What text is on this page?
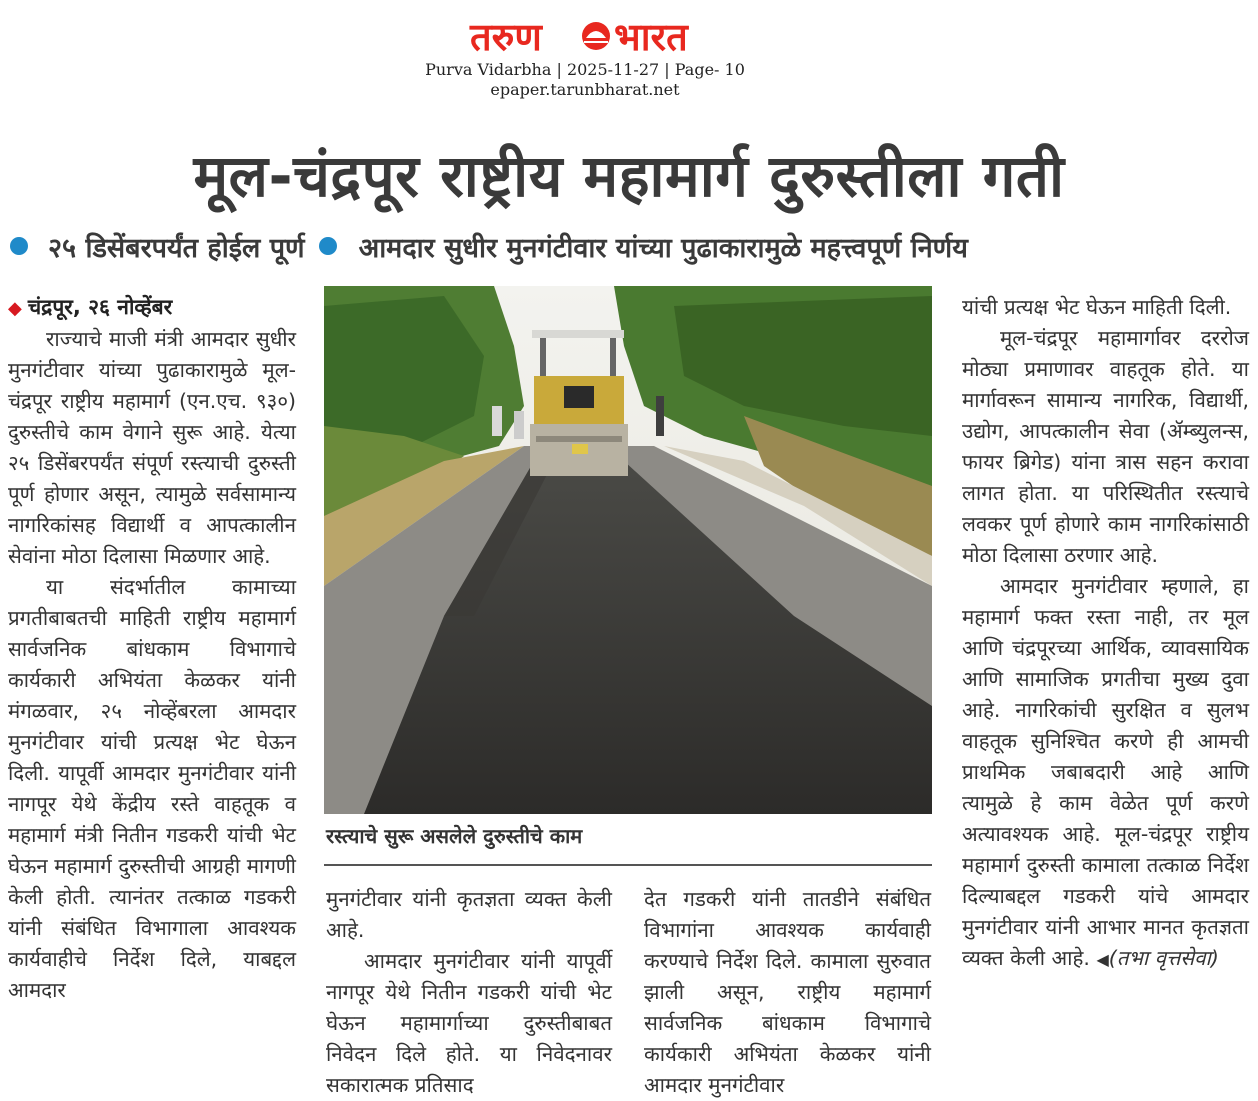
तरुण भारत
Purva Vidarbha | 2025-11-27 | Page- 10
epaper.tarunbharat.net
मूल-चंद्रपूर राष्ट्रीय महामार्ग दुरुस्तीला गती
२५ डिसेंबरपर्यंत होईल पूर्ण आमदार सुधीर मुनगंटीवार यांच्या पुढाकारामुळे महत्त्वपूर्ण निर्णय
◆ चंद्रपूर, २६ नोव्हेंबर

राज्याचे माजी मंत्री आमदार सुधीर मुनगंटीवार यांच्या पुढाकारामुळे मूल-चंद्रपूर राष्ट्रीय महामार्ग (एन.एच. ९३०) दुरुस्तीचे काम वेगाने सुरू आहे. येत्या २५ डिसेंबरपर्यंत संपूर्ण रस्त्याची दुरुस्ती पूर्ण होणार असून, त्यामुळे सर्वसामान्य नागरिकांसह विद्यार्थी व आपत्कालीन सेवांना मोठा दिलासा मिळणार आहे.

या संदर्भातील कामाच्या प्रगतीबाबतची माहिती राष्ट्रीय महामार्ग सार्वजनिक बांधकाम विभागाचे कार्यकारी अभियंता केळकर यांनी मंगळवार, २५ नोव्हेंबरला आमदार मुनगंटीवार यांची प्रत्यक्ष भेट घेऊन दिली. यापूर्वी आमदार मुनगंटीवार यांनी नागपूर येथे केंद्रीय रस्ते वाहतूक व महामार्ग मंत्री नितीन गडकरी यांची भेट घेऊन महामार्ग दुरुस्तीची आग्रही मागणी केली होती. त्यानंतर तत्काळ गडकरी यांनी संबंधित विभागाला आवश्यक कार्यवाहीचे निर्देश दिले, याबद्दल आमदार

रस्त्याचे सुरू असलेले दुरुस्तीचे काम

मुनगंटीवार यांनी कृतज्ञता व्यक्त केली आहे.

आमदार मुनगंटीवार यांनी यापूर्वी नागपूर येथे नितीन गडकरी यांची भेट घेऊन महामार्गाच्या दुरुस्तीबाबत निवेदन दिले होते. या निवेदनावर सकारात्मक प्रतिसाद

देत गडकरी यांनी तातडीने संबंधित विभागांना आवश्यक कार्यवाही करण्याचे निर्देश दिले. कामाला सुरुवात झाली असून, राष्ट्रीय महामार्ग सार्वजनिक बांधकाम विभागाचे कार्यकारी अभियंता केळकर यांनी आमदार मुनगंटीवार

यांची प्रत्यक्ष भेट घेऊन माहिती दिली.

मूल-चंद्रपूर महामार्गावर दररोज मोठ्या प्रमाणावर वाहतूक होते. या मार्गावरून सामान्य नागरिक, विद्यार्थी, उद्योग, आपत्कालीन सेवा (ॲम्ब्युलन्स, फायर ब्रिगेड) यांना त्रास सहन करावा लागत होता. या परिस्थितीत रस्त्याचे लवकर पूर्ण होणारे काम नागरिकांसाठी मोठा दिलासा ठरणार आहे.

आमदार मुनगंटीवार म्हणाले, हा महामार्ग फक्त रस्ता नाही, तर मूल आणि चंद्रपूरच्या आर्थिक, व्यावसायिक आणि सामाजिक प्रगतीचा मुख्य दुवा आहे. नागरिकांची सुरक्षित व सुलभ वाहतूक सुनिश्चित करणे ही आमची प्राथमिक जबाबदारी आहे आणि त्यामुळे हे काम वेळेत पूर्ण करणे अत्यावश्यक आहे. मूल-चंद्रपूर राष्ट्रीय महामार्ग दुरुस्ती कामाला तत्काळ निर्देश दिल्याबद्दल गडकरी यांचे आमदार मुनगंटीवार यांनी आभार मानत कृतज्ञता व्यक्त केली आहे. ◀(तभा वृत्तसेवा)
